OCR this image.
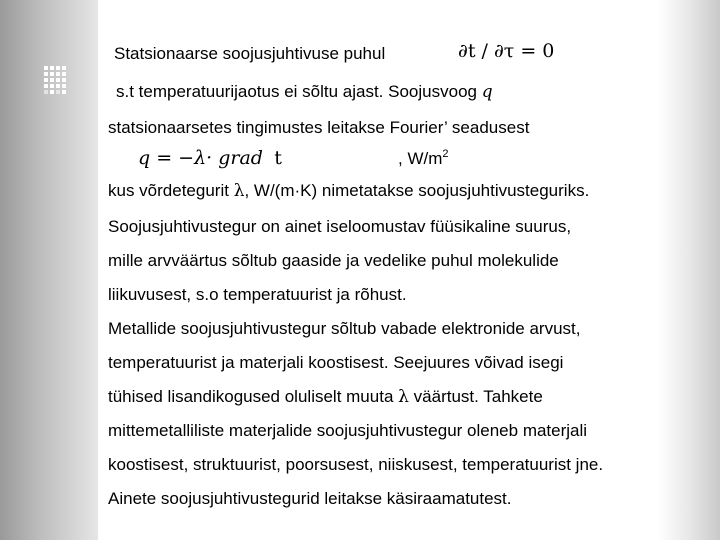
Statsionaarse soojusjuhtivuse puhul	∂t / ∂τ = 0
s.t temperatuurijaotus ei sõltu ajast. Soojusvoog q
statsionaarsetes tingimustes leitakse Fourier’ seadusest
q = −λ· grad t	, $W/m^2$
kus võrdetegurit λ, W/(m·K) nimetatakse soojusjuhtivusteguriks.
Soojusjuhtivustegur on ainet iseloomustav füüsikaline suurus,
mille arvväärtus sõltub gaaside ja vedelike puhul molekulide
liikuvusest, s.o temperatuurist ja rõhust.
Metallide soojusjuhtivustegur sõltub vabade elektronide arvust,
temperatuurist ja materjali koostisest. Seejuures võivad isegi
tühised lisandikogused oluliselt muuta λ väärtust. Tahkete
mittemetalliliste materjalide soojusjuhtivustegur oleneb materjali
koostisest, struktuurist, poorsusest, niiskusest, temperatuurist jne.
Ainete soojusjuhtivustegurid leitakse käsiraamatutest.
